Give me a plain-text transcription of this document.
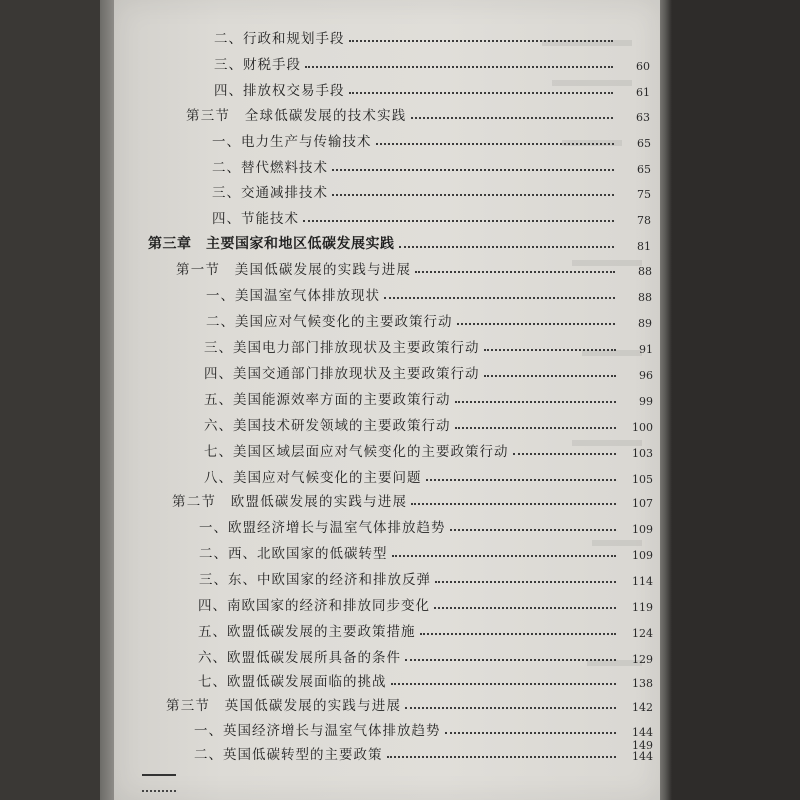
二、行政和规划手段
三、财税手段	60
四、排放权交易手段	61
第三节　全球低碳发展的技术实践	63
一、电力生产与传输技术	65
二、替代燃料技术	65
三、交通减排技术	75
四、节能技术	78
第三章　主要国家和地区低碳发展实践	81
第一节　美国低碳发展的实践与进展	88
一、美国温室气体排放现状	88
二、美国应对气候变化的主要政策行动	89
三、美国电力部门排放现状及主要政策行动	91
四、美国交通部门排放现状及主要政策行动	96
五、美国能源效率方面的主要政策行动	99
六、美国技术研发领域的主要政策行动	100
七、美国区域层面应对气候变化的主要政策行动	103
八、美国应对气候变化的主要问题	105
第二节　欧盟低碳发展的实践与进展	107
一、欧盟经济增长与温室气体排放趋势	109
二、西、北欧国家的低碳转型	109
三、东、中欧国家的经济和排放反弹	114
四、南欧国家的经济和排放同步变化	119
五、欧盟低碳发展的主要政策措施	124
六、欧盟低碳发展所具备的条件	129
七、欧盟低碳发展面临的挑战	138
第三节　英国低碳发展的实践与进展	142
一、英国经济增长与温室气体排放趋势	144
二、英国低碳转型的主要政策	144
149
